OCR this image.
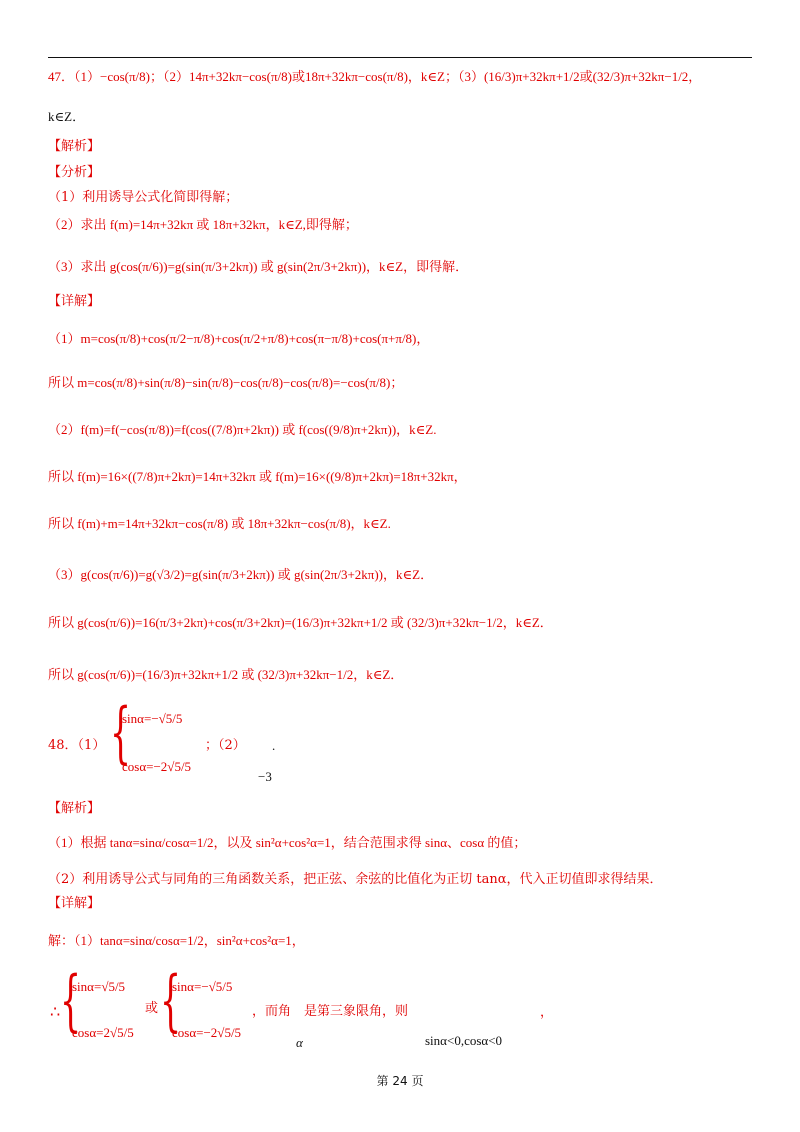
47．（1）−cos(π/8)；（2）14π+32kπ−cos(π/8)或18π+32kπ−cos(π/8)，k∈Z；（3）(16/3)π+32kπ+1/2或(32/3)π+32kπ−1/2，
k∈Z．
【解析】
【分析】
（1）利用诱导公式化简即得解；
（2）求出 f(m)=14π+32kπ 或 18π+32kπ，k∈Z,即得解；
（3）求出 g(cos(π/6))=g(sin(π/3+2kπ)) 或 g(sin(2π/3+2kπ))，k∈Z，即得解．
【详解】
（1）m=cos(π/8)+cos(π/2−π/8)+cos(π/2+π/8)+cos(π−π/8)+cos(π+π/8)，
所以 m=cos(π/8)+sin(π/8)−sin(π/8)−cos(π/8)−cos(π/8)=−cos(π/8)；
（2）f(m)=f(−cos(π/8))=f(cos((7/8)π+2kπ)) 或 f(cos((9/8)π+2kπ))，k∈Z.
所以 f(m)=16×((7/8)π+2kπ)=14π+32kπ 或 f(m)=16×((9/8)π+2kπ)=18π+32kπ，
所以 f(m)+m=14π+32kπ−cos(π/8) 或 18π+32kπ−cos(π/8)，k∈Z.
（3）g(cos(π/6))=g(√3/2)=g(sin(π/3+2kπ)) 或 g(sin(2π/3+2kπ))，k∈Z．
所以 g(cos(π/6))=16(π/3+2kπ)+cos(π/3+2kπ)=(16/3)π+32kπ+1/2 或 (32/3)π+32kπ−1/2，k∈Z．
所以 g(cos(π/6))=(16/3)π+32kπ+1/2 或 (32/3)π+32kπ−1/2，k∈Z．
48．（1） {
sinα=−√5/5
cosα=−2√5/5
；（2） .
−3
【解析】
（1）根据 tanα=sinα/cosα=1/2，以及 sin²α+cos²α=1，结合范围求得 sinα、cosα 的值；
（2）利用诱导公式与同角的三角函数关系，把正弦、余弦的比值化为正切 tanα，代入正切值即求得结果．
【详解】
解：（1）tanα=sinα/cosα=1/2，sin²α+cos²α=1，
∴ {
sinα=√5/5
cosα=2√5/5
或 {
sinα=−√5/5
cosα=−2√5/5
，而角　是第三象限角，则	，
α	sinα<0,cosα<0
第 24 页
